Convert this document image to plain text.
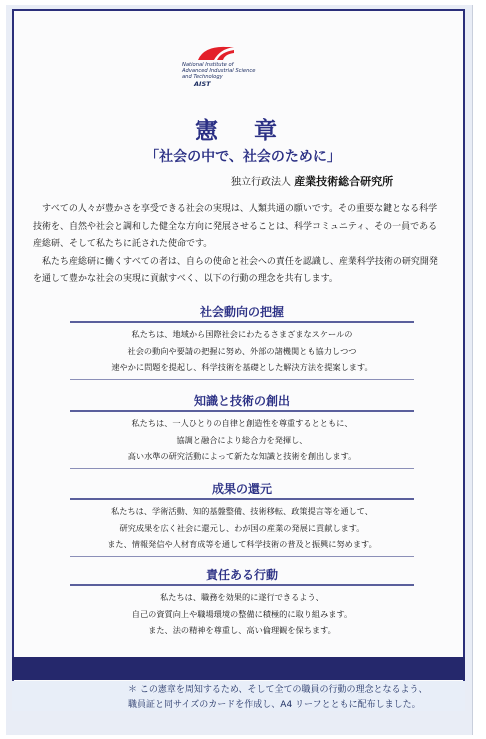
National Institute of
Advanced Industrial Science
and Technology
AIST
憲 章
「社会の中で、社会のために」
独立行政法人 産業技術総合研究所

すべての人々が豊かさを享受できる社会の実現は、人類共通の願いです。その重要な鍵となる科学技術を、自然や社会と調和した健全な方向に発展させることは、科学コミュニティ、その一員である産総研、そして私たちに託された使命です。

私たち産総研に働くすべての者は、自らの使命と社会への責任を認識し、産業科学技術の研究開発を通して豊かな社会の実現に貢献すべく、以下の行動の理念を共有します。

社会動向の把握
私たちは、地域から国際社会にわたるさまざまなスケールの
社会の動向や要請の把握に努め、外部の諸機関とも協力しつつ
速やかに問題を提起し、科学技術を基礎とした解決方法を提案します。
知識と技術の創出
私たちは、一人ひとりの自律と創造性を尊重するとともに、
協調と融合により総合力を発揮し、
高い水準の研究活動によって新たな知識と技術を創出します。
成果の還元
私たちは、学術活動、知的基盤整備、技術移転、政策提言等を通して、
研究成果を広く社会に還元し、わが国の産業の発展に貢献します。
また、情報発信や人材育成等を通して科学技術の普及と振興に努めます。
責任ある行動
私たちは、職務を効果的に遂行できるよう、
自己の資質向上や職場環境の整備に積極的に取り組みます。
また、法の精神を尊重し、高い倫理観を保ちます。
＊ この憲章を周知するため、そして全ての職員の行動の理念となるよう、
職員証と同サイズのカードを作成し、A4 リーフとともに配布しました。
